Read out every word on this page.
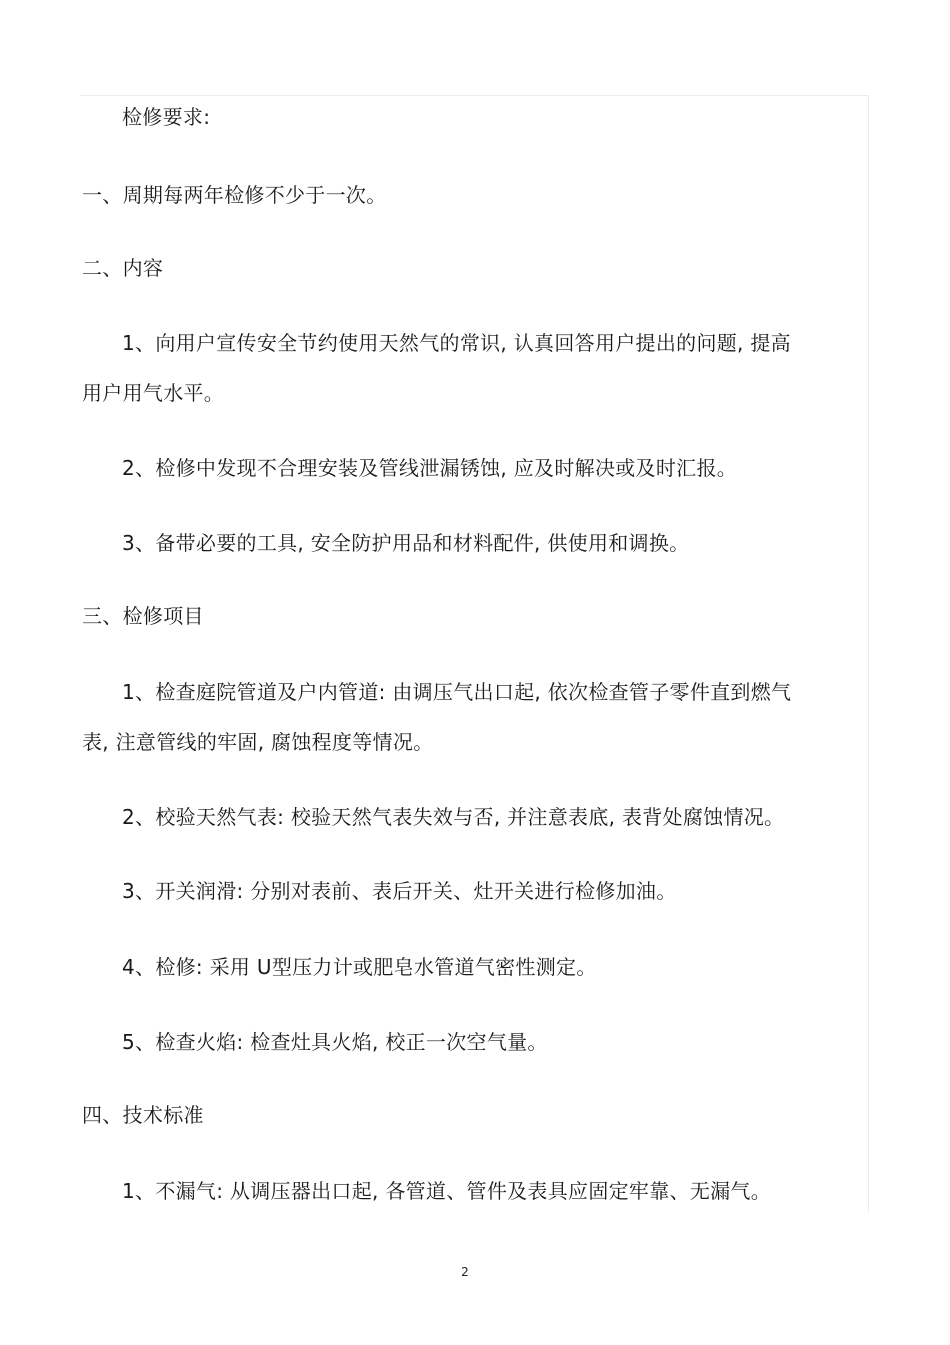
检修要求:

一、周期每两年检修不少于一次。

二、内容

1、向用户宣传安全节约使用天然气的常识, 认真回答用户提出的问题, 提高

用户用气水平。

2、检修中发现不合理安装及管线泄漏锈蚀, 应及时解决或及时汇报。

3、备带必要的工具, 安全防护用品和材料配件, 供使用和调换。

三、检修项目

1、检查庭院管道及户内管道: 由调压气出口起, 依次检查管子零件直到燃气

表, 注意管线的牢固, 腐蚀程度等情况。

2、校验天然气表: 校验天然气表失效与否, 并注意表底, 表背处腐蚀情况。

3、开关润滑: 分别对表前、表后开关、灶开关进行检修加油。

4、检修: 采用 U型压力计或肥皂水管道气密性测定。

5、检查火焰: 检查灶具火焰, 校正一次空气量。

四、技术标准

1、不漏气: 从调压器出口起, 各管道、管件及表具应固定牢靠、无漏气。

2
